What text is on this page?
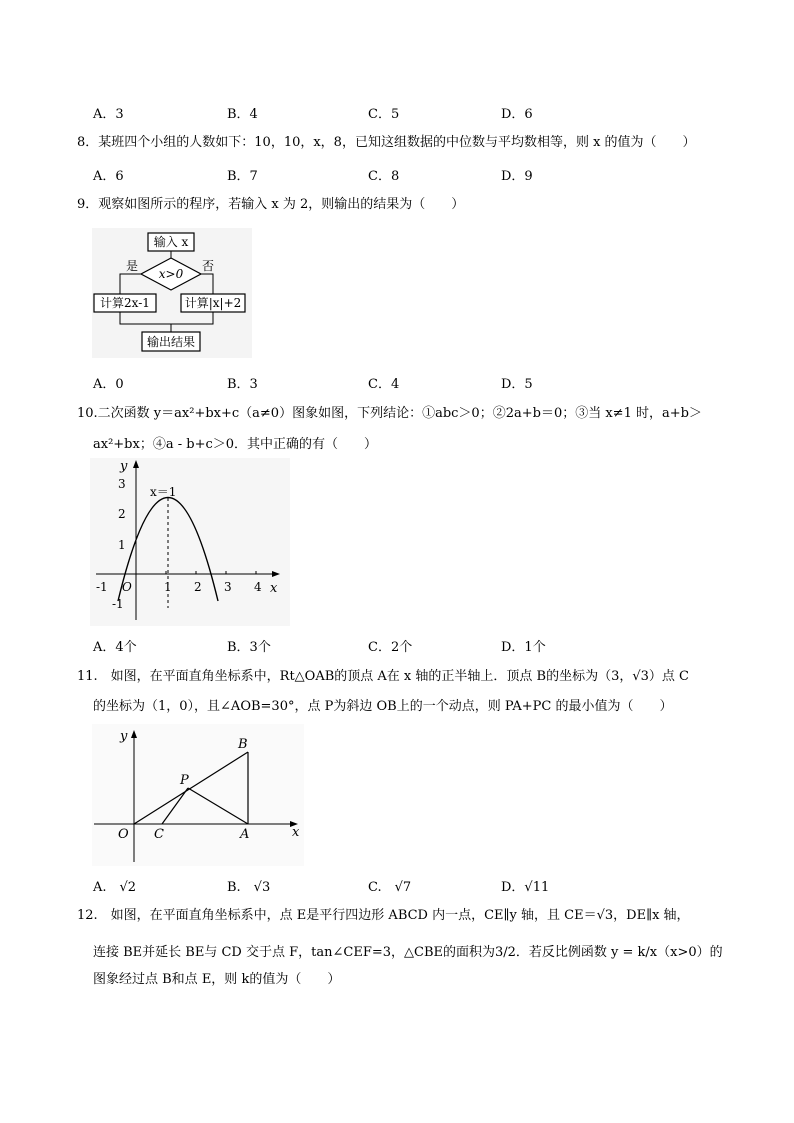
A．3	B．4	C．5	D．6
8．某班四个小组的人数如下：10，10，x，8，已知这组数据的中位数与平均数相等，则 x 的值为（　　）
A．6	B．7	C．8	D．9
9．观察如图所示的程序，若输入 x 为 2，则输出的结果为（　　）
输入 x
x>0
是	否
计算2x-1	计算|x|+2
输出结果
A．0	B．3	C．4	D．5
10.二次函数 y＝ax²+bx+c（a≠0）图象如图，下列结论：①abc＞0；②2a+b＝0；③当 x≠1 时，a+b＞
ax²+bx；④a - b+c＞0．其中正确的有（　　）
y
x
O
-1	1 2 3 4
3
2
1
-1
x＝1
A．4个	B．3个	C．2个	D．1个
11.　如图，在平面直角坐标系中，Rt△OAB的顶点 A在 x 轴的正半轴上．顶点 B的坐标为（3，√3）点 C
的坐标为（1，0），且∠AOB=30°，点 P为斜边 OB上的一个动点，则 PA+PC 的最小值为（　　）
y
x
O C	A
B
P
A.　√2	B.　√3	C.　√7	D．√11
12.　如图，在平面直角坐标系中，点 E是平行四边形 ABCD 内一点，CE∥y 轴，且 CE＝√3，DE∥x 轴，
连接 BE并延长 BE与 CD 交于点 F，tan∠CEF=3，△CBE的面积为3/2．若反比例函数 y = k/x（x>0）的
图象经过点 B和点 E，则 k的值为（　　）
